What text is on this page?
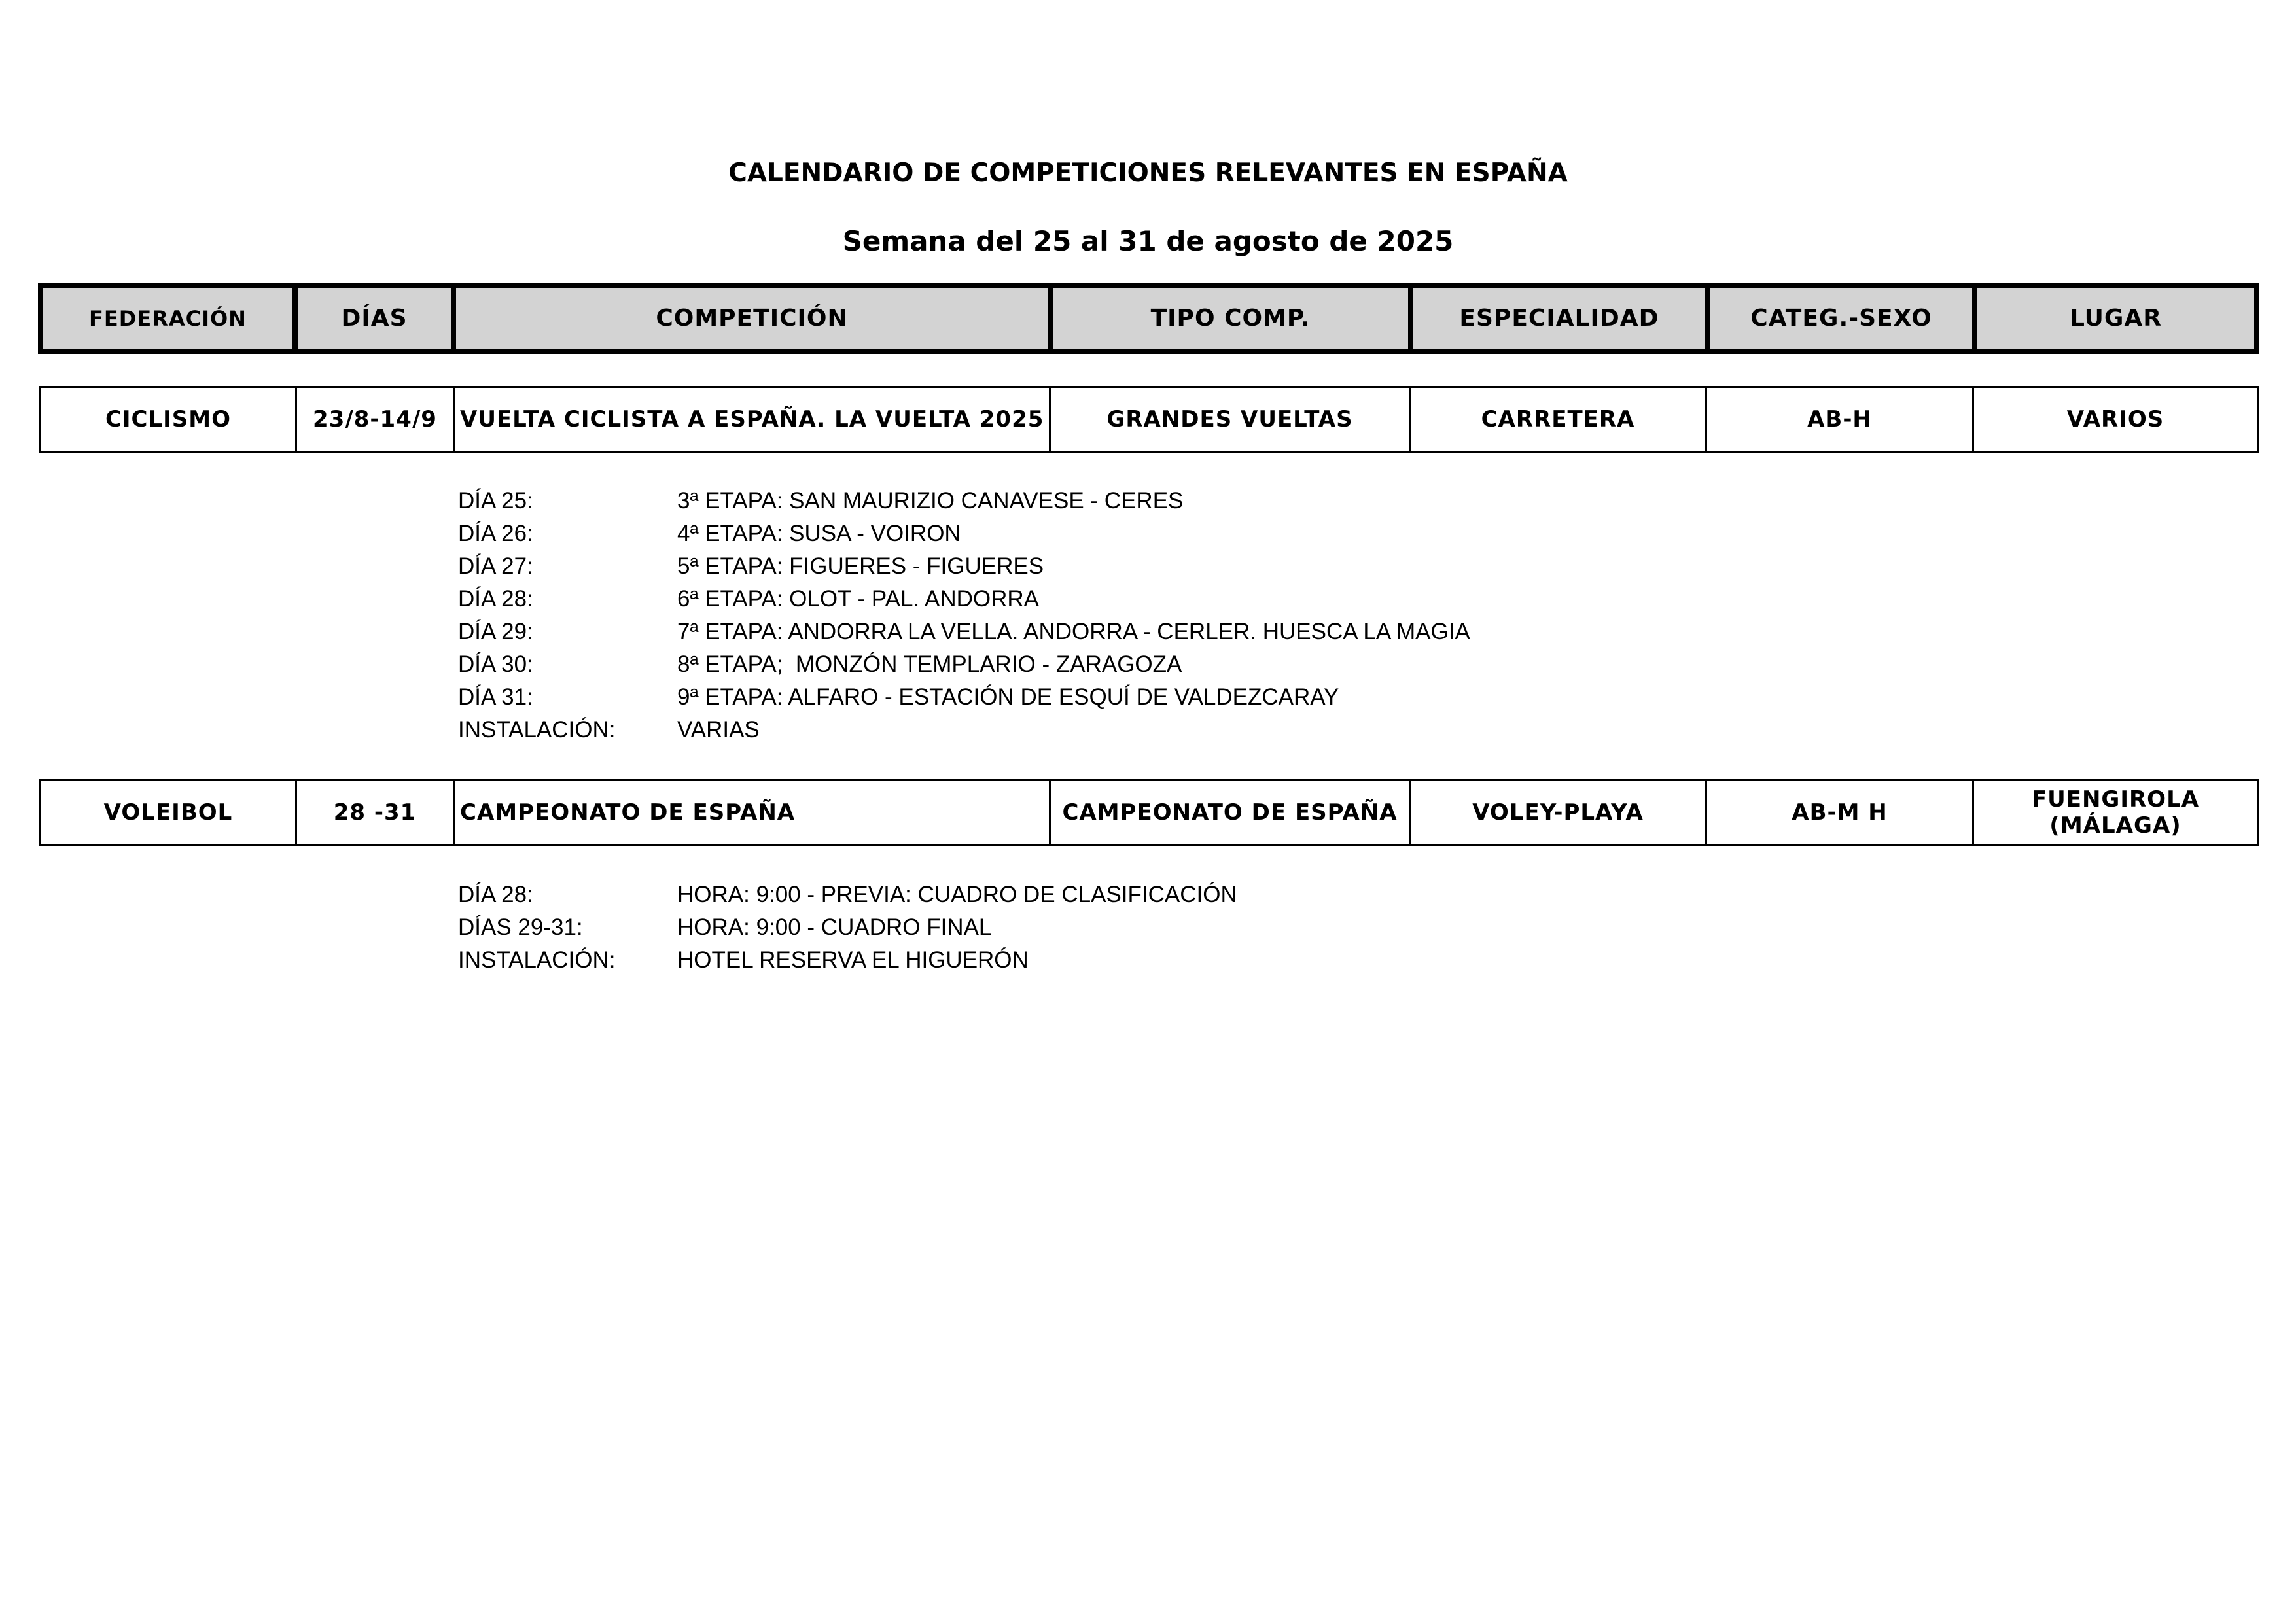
CALENDARIO DE COMPETICIONES RELEVANTES EN ESPAÑA
Semana del 25 al 31 de agosto de 2025
FEDERACIÓN	DÍAS	COMPETICIÓN	TIPO COMP.	ESPECIALIDAD	CATEG.-SEXO	LUGAR
CICLISMO	23/8-14/9	VUELTA CICLISTA A ESPAÑA. LA VUELTA 2025	GRANDES VUELTAS	CARRETERA	AB-H	VARIOS
DÍA 25:	3ª ETAPA: SAN MAURIZIO CANAVESE - CERES
DÍA 26:	4ª ETAPA: SUSA - VOIRON
DÍA 27:	5ª ETAPA: FIGUERES - FIGUERES
DÍA 28:	6ª ETAPA: OLOT - PAL. ANDORRA
DÍA 29:	7ª ETAPA: ANDORRA LA VELLA. ANDORRA - CERLER. HUESCA LA MAGIA
DÍA 30:	8ª ETAPA;  MONZÓN TEMPLARIO - ZARAGOZA
DÍA 31:	9ª ETAPA: ALFARO - ESTACIÓN DE ESQUÍ DE VALDEZCARAY
INSTALACIÓN:	VARIAS
VOLEIBOL	28 -31	CAMPEONATO DE ESPAÑA	CAMPEONATO DE ESPAÑA	VOLEY-PLAYA	AB-M H	FUENGIROLA
(MÁLAGA)
DÍA 28:	HORA: 9:00 - PREVIA: CUADRO DE CLASIFICACIÓN
DÍAS 29-31:	HORA: 9:00 - CUADRO FINAL
INSTALACIÓN:	HOTEL RESERVA EL HIGUERÓN
